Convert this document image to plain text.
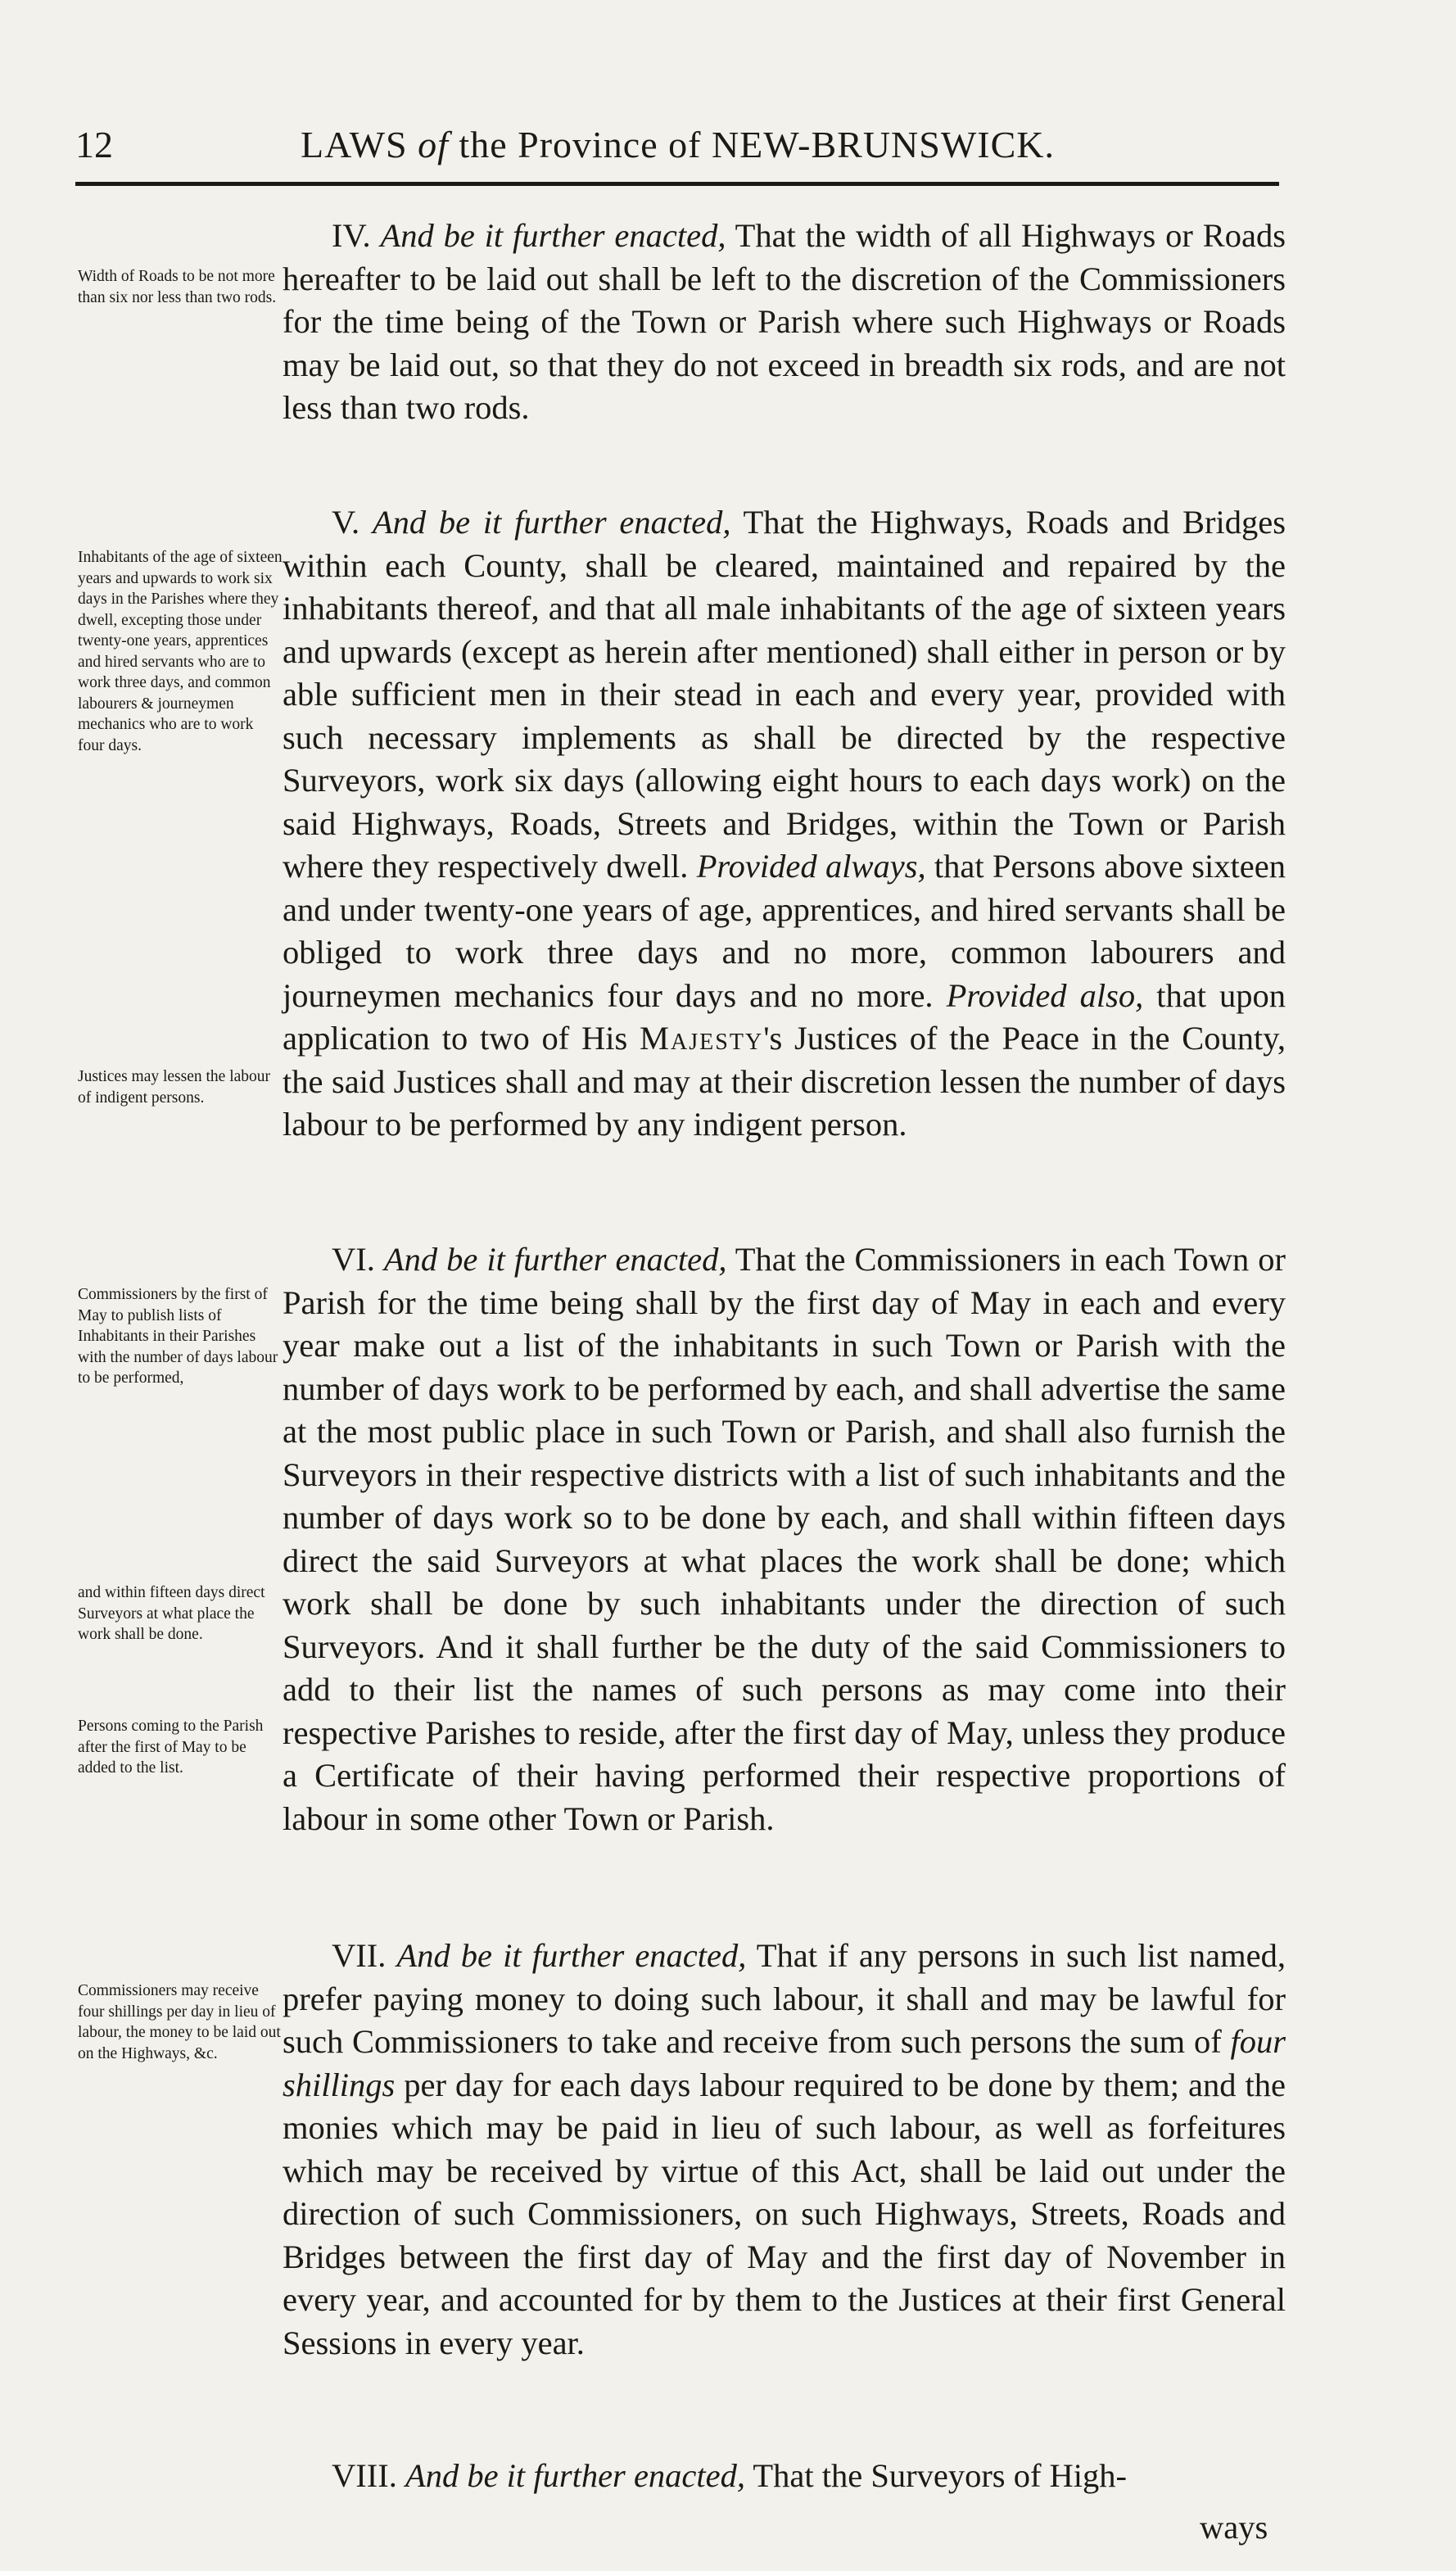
12	LAWS of the Province of NEW-BRUNSWICK.
IV. And be it further enacted, That the width of all Highways or Roads hereafter to be laid out shall be left to the discretion of the Commissioners for the time being of the Town or Parish where such Highways or Roads may be laid out, so that they do not exceed in breadth six rods, and are not less than two rods.
Width of Roads to be not more than six nor less than two rods.
V. And be it further enacted, That the Highways, Roads and Bridges within each County, shall be cleared, maintained and repaired by the inhabitants thereof, and that all male inhabitants of the age of sixteen years and upwards (except as herein after mentioned) shall either in person or by able sufficient men in their stead in each and every year, provided with such necessary implements as shall be directed by the respective Surveyors, work six days (allowing eight hours to each days work) on the said Highways, Roads, Streets and Bridges, within the Town or Parish where they respectively dwell. Provided always, that Persons above sixteen and under twenty-one years of age, apprentices, and hired servants shall be obliged to work three days and no more, common labourers and journeymen mechanics four days and no more. Provided also, that upon application to two of His Majesty's Justices of the Peace in the County, the said Justices shall and may at their discretion lessen the number of days labour to be performed by any indigent person.
Inhabitants of the age of sixteen years and upwards to work six days in the Parishes where they dwell, excepting those under twenty-one years, apprentices and hired servants who are to work three days, and common labourers & journeymen mechanics who are to work four days.
Justices may lessen the labour of indigent persons.
VI. And be it further enacted, That the Commissioners in each Town or Parish for the time being shall by the first day of May in each and every year make out a list of the inhabitants in such Town or Parish with the number of days work to be performed by each, and shall advertise the same at the most public place in such Town or Parish, and shall also furnish the Surveyors in their respective districts with a list of such inhabitants and the number of days work so to be done by each, and shall within fifteen days direct the said Surveyors at what places the work shall be done; which work shall be done by such inhabitants under the direction of such Surveyors. And it shall further be the duty of the said Commissioners to add to their list the names of such persons as may come into their respective Parishes to reside, after the first day of May, unless they produce a Certificate of their having performed their respective proportions of labour in some other Town or Parish.
Commissioners by the first of May to publish lists of Inhabitants in their Parishes with the number of days labour to be performed,
and within fifteen days direct Surveyors at what place the work shall be done.
Persons coming to the Parish after the first of May to be added to the list.
VII. And be it further enacted, That if any persons in such list named, prefer paying money to doing such labour, it shall and may be lawful for such Commissioners to take and receive from such persons the sum of four shillings per day for each days labour required to be done by them; and the monies which may be paid in lieu of such labour, as well as forfeitures which may be received by virtue of this Act, shall be laid out under the direction of such Commissioners, on such Highways, Streets, Roads and Bridges between the first day of May and the first day of November in every year, and accounted for by them to the Justices at their first General Sessions in every year.
Commissioners may receive four shillings per day in lieu of labour, the money to be laid out on the Highways, &c.
VIII. And be it further enacted, That the Surveyors of High-
ways
